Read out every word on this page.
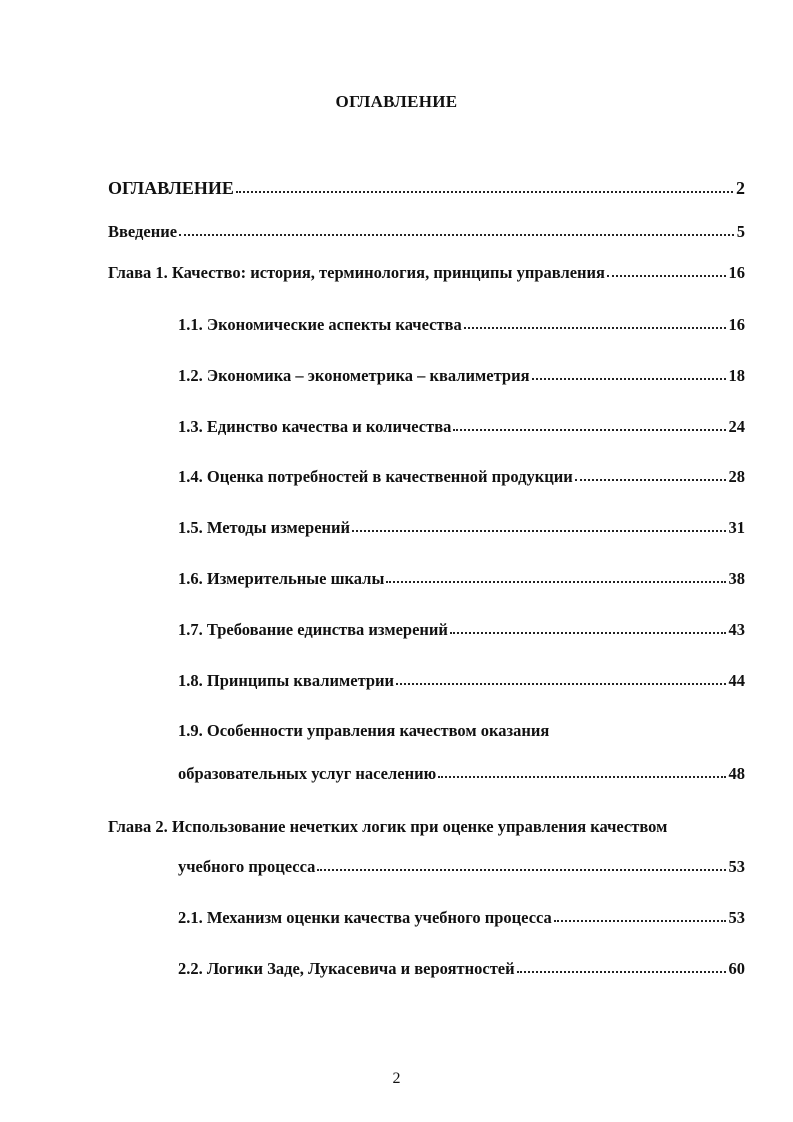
ОГЛАВЛЕНИЕ
ОГЛАВЛЕНИЕ	2
Введение	5
Глава 1. Качество: история, терминология, принципы управления	16
1.1. Экономические аспекты качества	16
1.2. Экономика – эконометрика – квалиметрия	18
1.3. Единство качества и количества	24
1.4. Оценка потребностей в качественной продукции	28
1.5. Методы измерений	31
1.6. Измерительные шкалы	38
1.7. Требование единства измерений	43
1.8. Принципы квалиметрии	44
1.9. Особенности управления качеством оказания
образовательных услуг населению	48
Глава 2. Использование нечетких логик при оценке управления качеством
учебного процесса	53
2.1. Механизм оценки качества учебного процесса	53
2.2. Логики Заде, Лукасевича и вероятностей	60
2
